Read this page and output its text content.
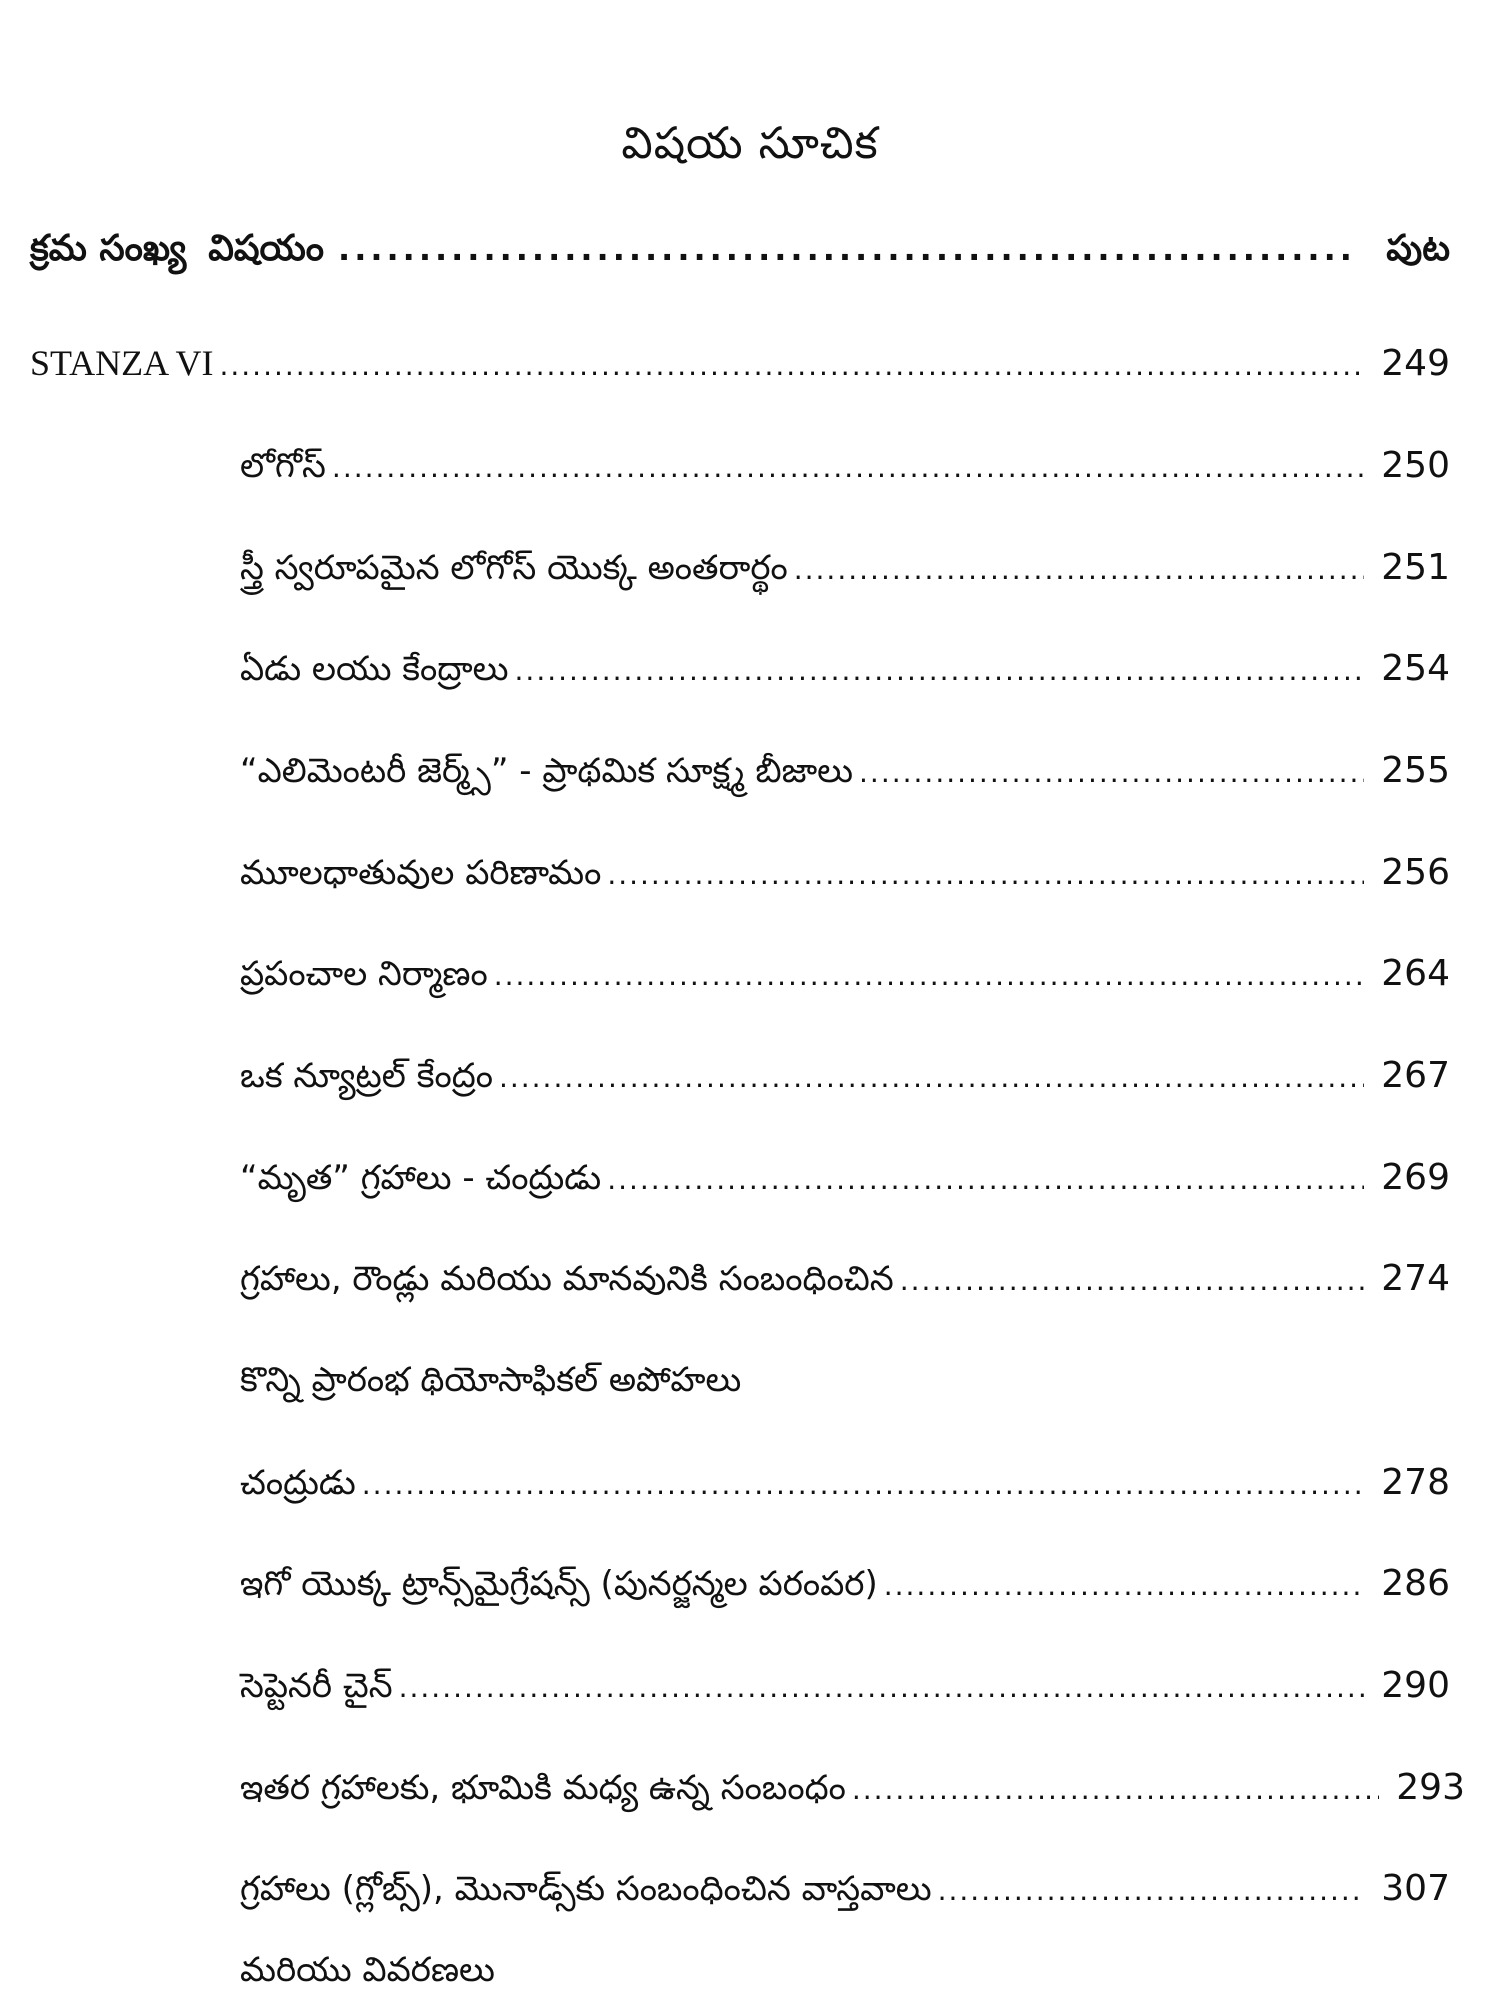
విషయ సూచిక
క్రమ సంఖ్య విషయం .....	పుట
STANZA VI .....	249
లోగోస్ .....	250
స్త్రీ స్వరూపమైన లోగోస్ యొక్క అంతరార్థం .....	251
ఏడు లయు కేంద్రాలు .....	254
“ఎలిమెంటరీ జెర్మ్స్” - ప్రాథమిక సూక్ష్మ బీజాలు .....	255
మూలధాతువుల పరిణామం .....	256
ప్రపంచాల నిర్మాణం .....	264
ఒక న్యూట్రల్ కేంద్రం .....	267
“మృత” గ్రహాలు - చంద్రుడు .....	269
గ్రహాలు, రౌండ్లు మరియు మానవునికి సంబంధించిన .....	274
కొన్ని ప్రారంభ థియోసాఫికల్ అపోహలు
చంద్రుడు .....	278
ఇగో యొక్క ట్రాన్స్‌మైగ్రేషన్స్ (పునర్జన్మల పరంపర) .....	286
సెప్టెనరీ చైన్ .....	290
ఇతర గ్రహాలకు, భూమికి మధ్య ఉన్న సంబంధం .....	293
గ్రహాలు (గ్లోబ్స్), మొనాడ్స్‌కు సంబంధించిన వాస్తవాలు .....	307
మరియు వివరణలు
